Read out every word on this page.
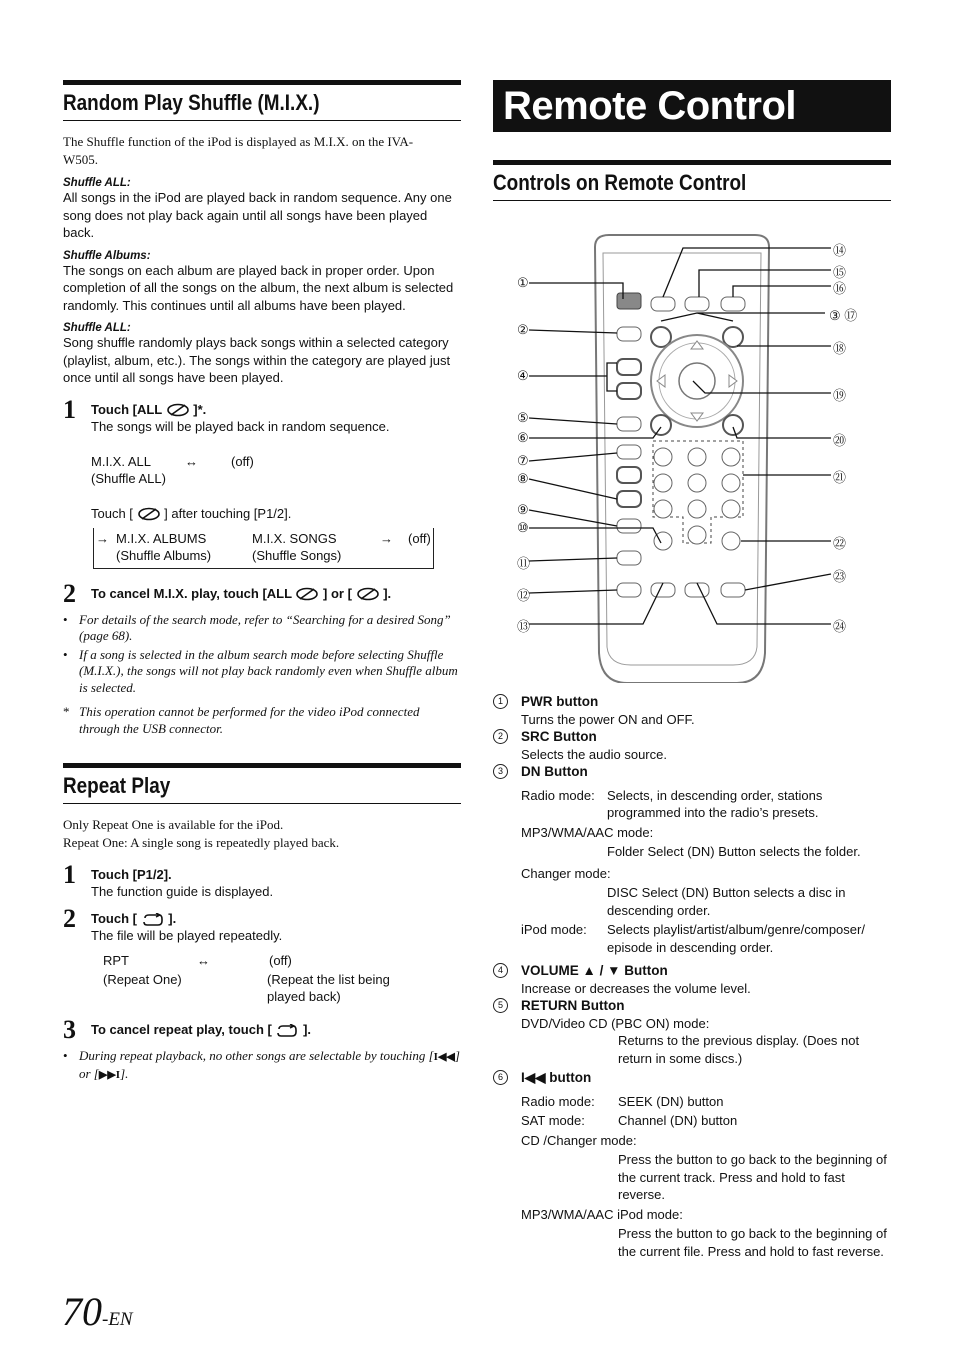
Random Play Shuffle (M.I.X.)
The Shuffle function of the iPod is displayed as M.I.X. on the IVA-W505.
Shuffle ALL:
All songs in the iPod are played back in random sequence. Any one song does not play back again until all songs have been played back.
Shuffle Albums:
The songs on each album are played back in proper order. Upon completion of all the songs on the album, the next album is selected randomly. This continues until all albums have been played.
Shuffle ALL:
Song shuffle randomly plays back songs within a selected category (playlist, album, etc.). The songs within the category are played just once until all songs have been played.
1 Touch [ALL  ]*.
The songs will be played back in random sequence.
M.I.X. ALL	↔	(off)
(Shuffle ALL)
Touch [ ] after touching [P1/2].
→ M.I.X. ALBUMS	M.I.X. SONGS	→	(off)
(Shuffle Albums)	(Shuffle Songs)
2 To cancel M.I.X. play, touch [ALL  ] or [ ].
• For details of the search mode, refer to “Searching for a desired Song” (page 68).
• If a song is selected in the album search mode before selecting Shuffle (M.I.X.), the songs will not play back randomly even when Shuffle album is selected.
* This operation cannot be performed for the video iPod connected through the USB connector.
Repeat Play
Only Repeat One is available for the iPod.
Repeat One: A single song is repeatedly played back.
1 Touch [P1/2].
The function guide is displayed.
2 Touch [ ].
The file will be played repeatedly.
RPT	↔	(off)
(Repeat One)	(Repeat the list being played back)
3 To cancel repeat play, touch [ ].
• During repeat playback, no other songs are selectable by touching [I◀◀] or [▶▶I].
Remote Control
Controls on Remote Control
①
②
④
⑤
⑥
⑦
⑧
⑨
⑩
⑪
⑫
⑬
⑭
⑮
⑯
③ ⑰
⑱
⑲
⑳
㉑
㉒
㉓
㉔
1	PWR button
Turns the power ON and OFF.
2	SRC Button
Selects the audio source.
3	DN Button
Radio mode: Selects, in descending order, stations programmed into the radio’s presets.
MP3/WMA/AAC mode:
Folder Select (DN) Button selects the folder.
Changer mode:
DISC Select (DN) Button selects a disc in descending order.
iPod mode:	Selects playlist/artist/album/genre/composer/ episode in descending order.
4	VOLUME ▲ / ▼ Button
Increase or decreases the volume level.
5	RETURN Button
DVD/Video CD (PBC ON) mode:
Returns to the previous display. (Does not return in some discs.)
6	I◀◀ button
Radio mode:	SEEK (DN) button
SAT mode:	Channel (DN) button
CD /Changer mode:
Press the button to go back to the beginning of the current track. Press and hold to fast reverse.
MP3/WMA/AAC iPod mode:
Press the button to go back to the beginning of the current file. Press and hold to fast reverse.
70-EN
